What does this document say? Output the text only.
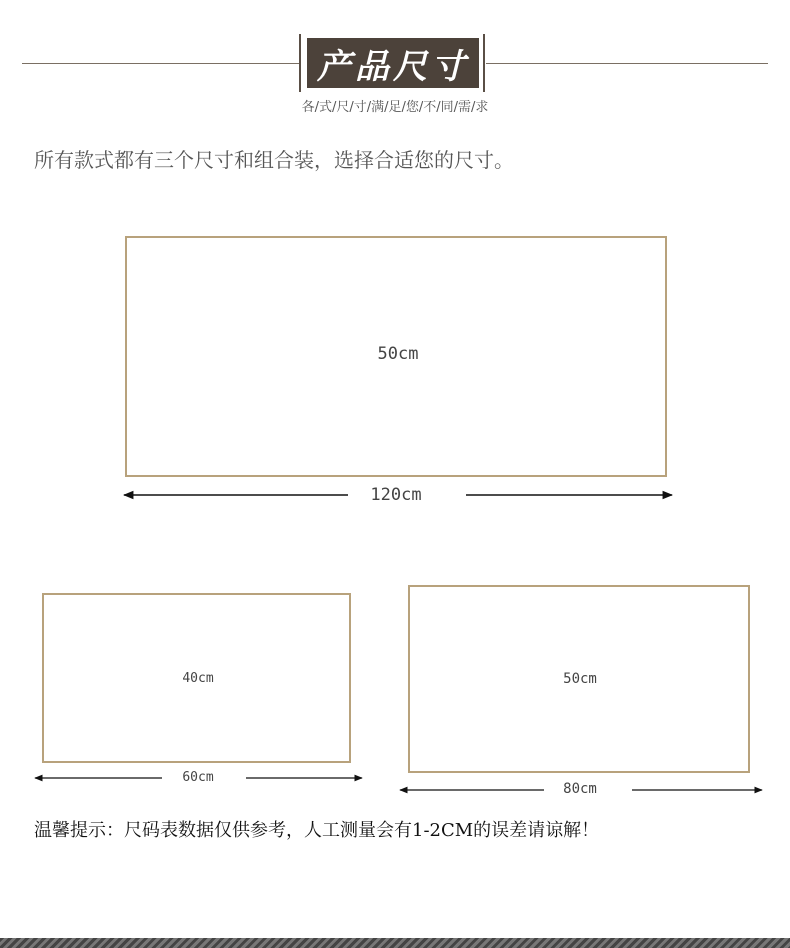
产品尺寸
各/式/尺/寸/满/足/您/不/同/需/求
所有款式都有三个尺寸和组合装，选择合适您的尺寸。
50cm
120cm
40cm
60cm
50cm
80cm
温馨提示：尺码表数据仅供参考，人工测量会有1-2CM的误差请谅解！
